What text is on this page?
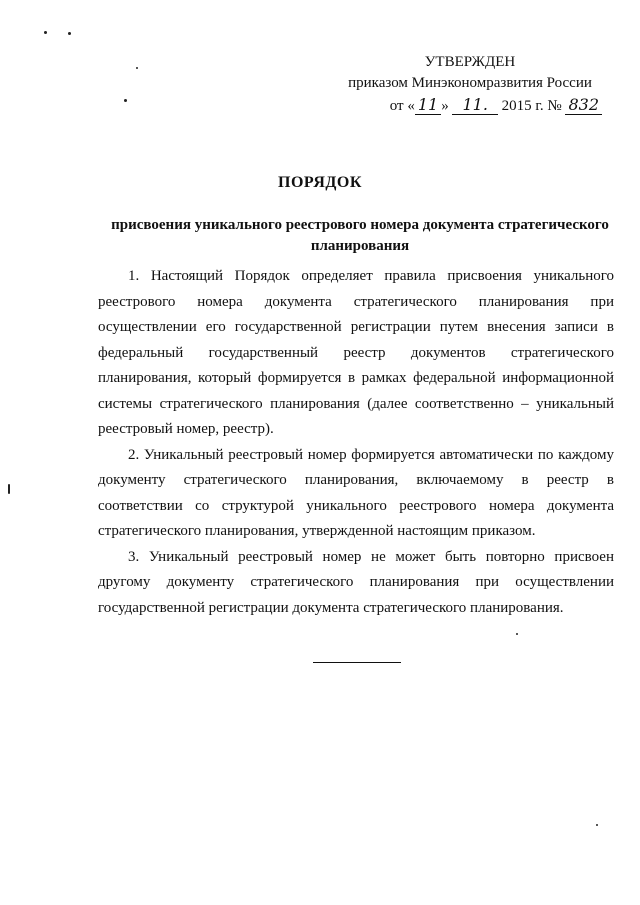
УТВЕРЖДЕН
приказом Минэкономразвития России
от « 11 » 11. 2015 г. № 832
ПОРЯДОК
присвоения уникального реестрового номера документа стратегического планирования

1. Настоящий Порядок определяет правила присвоения уникального реестрового номера документа стратегического планирования при осуществлении его государственной регистрации путем внесения записи в федеральный государственный реестр документов стратегического планирования, который формируется в рамках федеральной информационной системы стратегического планирования (далее соответственно – уникальный реестровый номер, реестр).

2. Уникальный реестровый номер формируется автоматически по каждому документу стратегического планирования, включаемому в реестр в соответствии со структурой уникального реестрового номера документа стратегического планирования, утвержденной настоящим приказом.

3. Уникальный реестровый номер не может быть повторно присвоен другому документу стратегического планирования при осуществлении государственной регистрации документа стратегического планирования.
